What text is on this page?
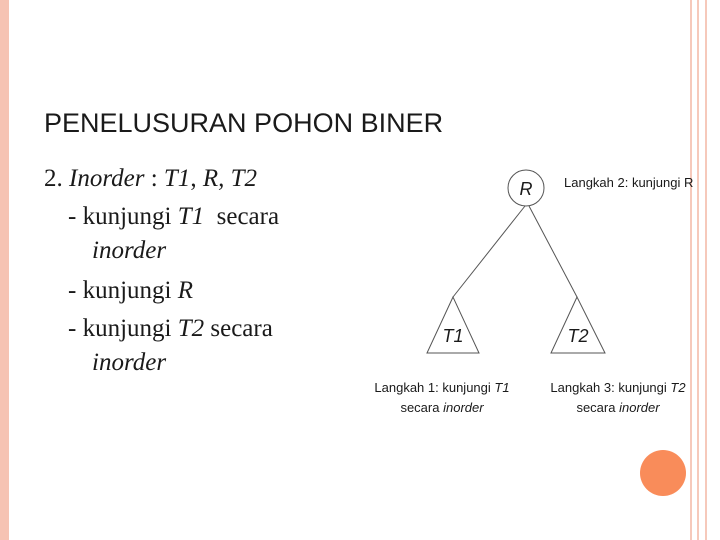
PENELUSURAN POHON BINER
2. Inorder : T1, R, T2
- kunjungi T1 secara
inorder
- kunjungi R
- kunjungi T2 secara
inorder
R
T1	T2
Langkah 2: kunjungi R
Langkah 1: kunjungi T1
secara inorder
Langkah 3: kunjungi T2
secara inorder
